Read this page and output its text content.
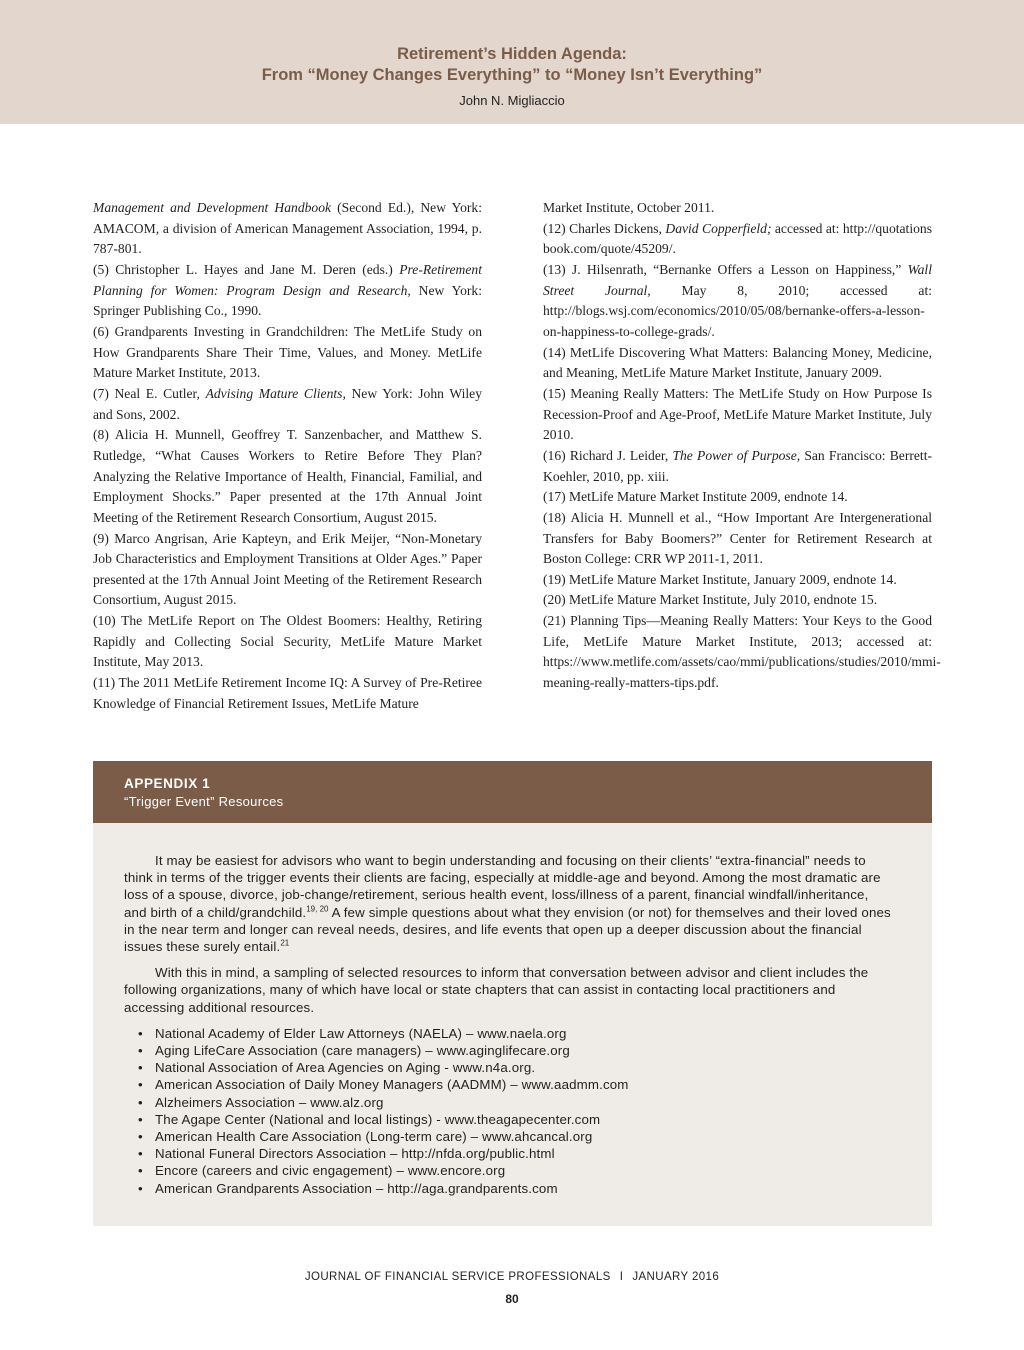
Retirement’s Hidden Agenda:
From “Money Changes Everything” to “Money Isn’t Everything”
John N. Migliaccio

Management and Development Handbook (Second Ed.), New York: AMACOM, a division of American Management Association, 1994, p. 787-801.

(5) Christopher L. Hayes and Jane M. Deren (eds.) Pre-Retirement Planning for Women: Program Design and Research, New York: Springer Publishing Co., 1990.

(6) Grandparents Investing in Grandchildren: The MetLife Study on How Grandparents Share Their Time, Values, and Money. MetLife Mature Market Institute, 2013.

(7) Neal E. Cutler, Advising Mature Clients, New York: John Wiley and Sons, 2002.

(8) Alicia H. Munnell, Geoffrey T. Sanzenbacher, and Matthew S. Rutledge, “What Causes Workers to Retire Before They Plan? Analyzing the Relative Importance of Health, Financial, Familial, and Employment Shocks.” Paper presented at the 17th Annual Joint Meeting of the Retirement Research Consortium, August 2015.

(9) Marco Angrisan, Arie Kapteyn, and Erik Meijer, “Non-Monetary Job Characteristics and Employment Transitions at Older Ages.” Paper presented at the 17th Annual Joint Meeting of the Retirement Research Consortium, August 2015.

(10) The MetLife Report on The Oldest Boomers: Healthy, Retiring Rapidly and Collecting Social Security, MetLife Mature Market Institute, May 2013.

(11) The 2011 MetLife Retirement Income IQ: A Survey of Pre-Retiree Knowledge of Financial Retirement Issues, MetLife Mature

Market Institute, October 2011.

(12) Charles Dickens, David Copperfield; accessed at: http://quotations book.com/quote/45209/.

(13) J. Hilsenrath, “Bernanke Offers a Lesson on Happiness,” Wall Street Journal, May 8, 2010; accessed at: http://blogs.wsj.com/economics/2010/05/08/bernanke-offers-a-lesson-on-happiness-to-college-grads/.

(14) MetLife Discovering What Matters: Balancing Money, Medicine, and Meaning, MetLife Mature Market Institute, January 2009.

(15) Meaning Really Matters: The MetLife Study on How Purpose Is Recession-Proof and Age-Proof, MetLife Mature Market Institute, July 2010.

(16) Richard J. Leider, The Power of Purpose, San Francisco: Berrett-Koehler, 2010, pp. xiii.

(17) MetLife Mature Market Institute 2009, endnote 14.

(18) Alicia H. Munnell et al., “How Important Are Intergenerational Transfers for Baby Boomers?” Center for Retirement Research at Boston College: CRR WP 2011-1, 2011.

(19) MetLife Mature Market Institute, January 2009, endnote 14.

(20) MetLife Mature Market Institute, July 2010, endnote 15.

(21) Planning Tips—Meaning Really Matters: Your Keys to the Good Life, MetLife Mature Market Institute, 2013; accessed at: https://www.metlife.com/assets/cao/mmi/publications/studies/2010/mmi-meaning-really-matters-tips.pdf.

APPENDIX 1
“Trigger Event” Resources

It may be easiest for advisors who want to begin understanding and focusing on their clients’ “extra-financial” needs to think in terms of the trigger events their clients are facing, especially at middle-age and beyond. Among the most dramatic are loss of a spouse, divorce, job-change/retirement, serious health event, loss/illness of a parent, financial windfall/inheritance, and birth of a child/grandchild.$^{19, 20}$ A few simple questions about what they envision (or not) for themselves and their loved ones in the near term and longer can reveal needs, desires, and life events that open up a deeper discussion about the financial issues these surely entail.$^{21}$

With this in mind, a sampling of selected resources to inform that conversation between advisor and client includes the following organizations, many of which have local or state chapters that can assist in contacting local practitioners and accessing additional resources.

• National Academy of Elder Law Attorneys (NAELA) – www.naela.org
• Aging LifeCare Association (care managers) – www.aginglifecare.org
• National Association of Area Agencies on Aging - www.n4a.org.
• American Association of Daily Money Managers (AADMM) – www.aadmm.com
• Alzheimers Association – www.alz.org
• The Agape Center (National and local listings) - www.theagapecenter.com
• American Health Care Association (Long-term care) – www.ahcancal.org
• National Funeral Directors Association – http://nfda.org/public.html
• Encore (careers and civic engagement) – www.encore.org
• American Grandparents Association – http://aga.grandparents.com
JOURNAL OF FINANCIAL SERVICE PROFESSIONALS I JANUARY 2016
80
